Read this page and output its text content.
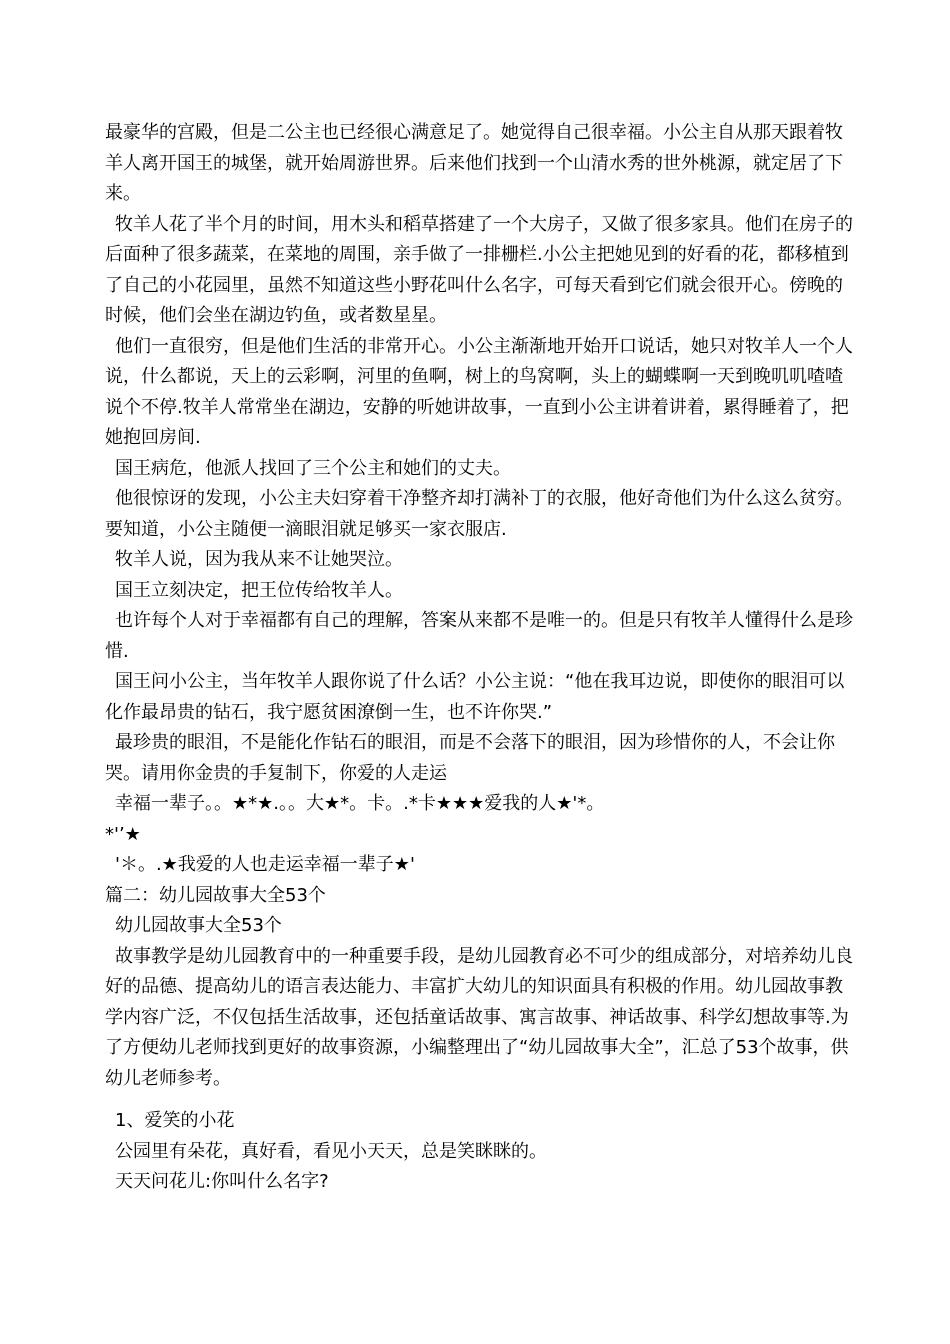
最豪华的宫殿，但是二公主也已经很心满意足了。她觉得自己很幸福。小公主自从那天跟着牧羊人离开国王的城堡，就开始周游世界。后来他们找到一个山清水秀的世外桃源，就定居了下来。

牧羊人花了半个月的时间，用木头和稻草搭建了一个大房子，又做了很多家具。他们在房子的后面种了很多蔬菜，在菜地的周围，亲手做了一排栅栏.小公主把她见到的好看的花，都移植到了自己的小花园里，虽然不知道这些小野花叫什么名字，可每天看到它们就会很开心。傍晚的时候，他们会坐在湖边钓鱼，或者数星星。

他们一直很穷，但是他们生活的非常开心。小公主渐渐地开始开口说话，她只对牧羊人一个人说，什么都说，天上的云彩啊，河里的鱼啊，树上的鸟窝啊，头上的蝴蝶啊一天到晚叽叽喳喳说个不停.牧羊人常常坐在湖边，安静的听她讲故事，一直到小公主讲着讲着，累得睡着了，把她抱回房间.

国王病危，他派人找回了三个公主和她们的丈夫。

他很惊讶的发现，小公主夫妇穿着干净整齐却打满补丁的衣服，他好奇他们为什么这么贫穷。要知道，小公主随便一滴眼泪就足够买一家衣服店.

牧羊人说，因为我从来不让她哭泣。

国王立刻决定，把王位传给牧羊人。

也许每个人对于幸福都有自己的理解，答案从来都不是唯一的。但是只有牧羊人懂得什么是珍惜.

国王问小公主，当年牧羊人跟你说了什么话？小公主说：“他在我耳边说，即使你的眼泪可以化作最昂贵的钻石，我宁愿贫困潦倒一生，也不许你哭.”

最珍贵的眼泪，不是能化作钻石的眼泪，而是不会落下的眼泪，因为珍惜你的人，不会让你哭。请用你金贵的手复制下，你爱的人走运

幸福一辈子。。★*★.。。大★*。卡。.*卡★★★爱我的人★'*。

*'’★

'＊。.★我爱的人也走运幸福一辈子★'

篇二：幼儿园故事大全53个

幼儿园故事大全53个

故事教学是幼儿园教育中的一种重要手段，是幼儿园教育必不可少的组成部分，对培养幼儿良好的品德、提高幼儿的语言表达能力、丰富扩大幼儿的知识面具有积极的作用。幼儿园故事教学内容广泛，不仅包括生活故事，还包括童话故事、寓言故事、神话故事、科学幻想故事等.为了方便幼儿老师找到更好的故事资源，小编整理出了“幼儿园故事大全”，汇总了53个故事，供幼儿老师参考。

1、爱笑的小花

公园里有朵花，真好看，看见小天天，总是笑眯眯的。

天天问花儿:你叫什么名字?
